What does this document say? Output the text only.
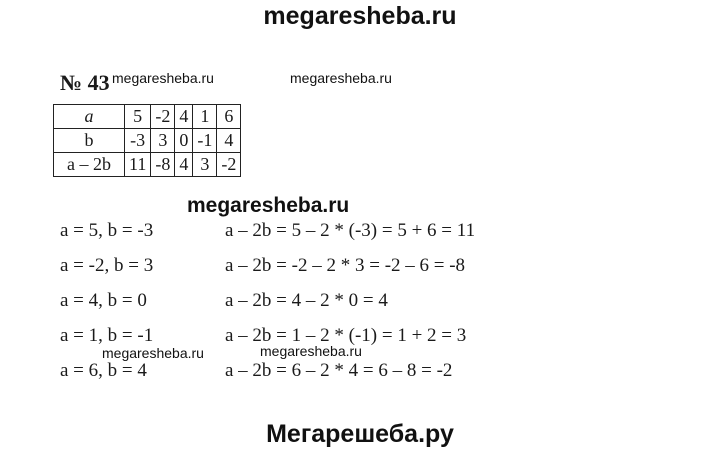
megaresheba.ru
megaresheba.ru	megaresheba.ru
megaresheba.ru
megaresheba.ru	megaresheba.ru
Мегарешеба.ру
№ 43
a	5	-2	4	1	6
b	-3	3	0	-1	4
a – 2b	11	-8	4	3	-2
a = 5, b = -3	a – 2b = 5 – 2 * (-3) = 5 + 6 = 11
a = -2, b = 3	a – 2b = -2 – 2 * 3 = -2 – 6 = -8
a = 4, b = 0	a – 2b = 4 – 2 * 0 = 4
a = 1, b = -1	a – 2b = 1 – 2 * (-1) = 1 + 2 = 3
a = 6, b = 4	a – 2b = 6 – 2 * 4 = 6 – 8 = -2
